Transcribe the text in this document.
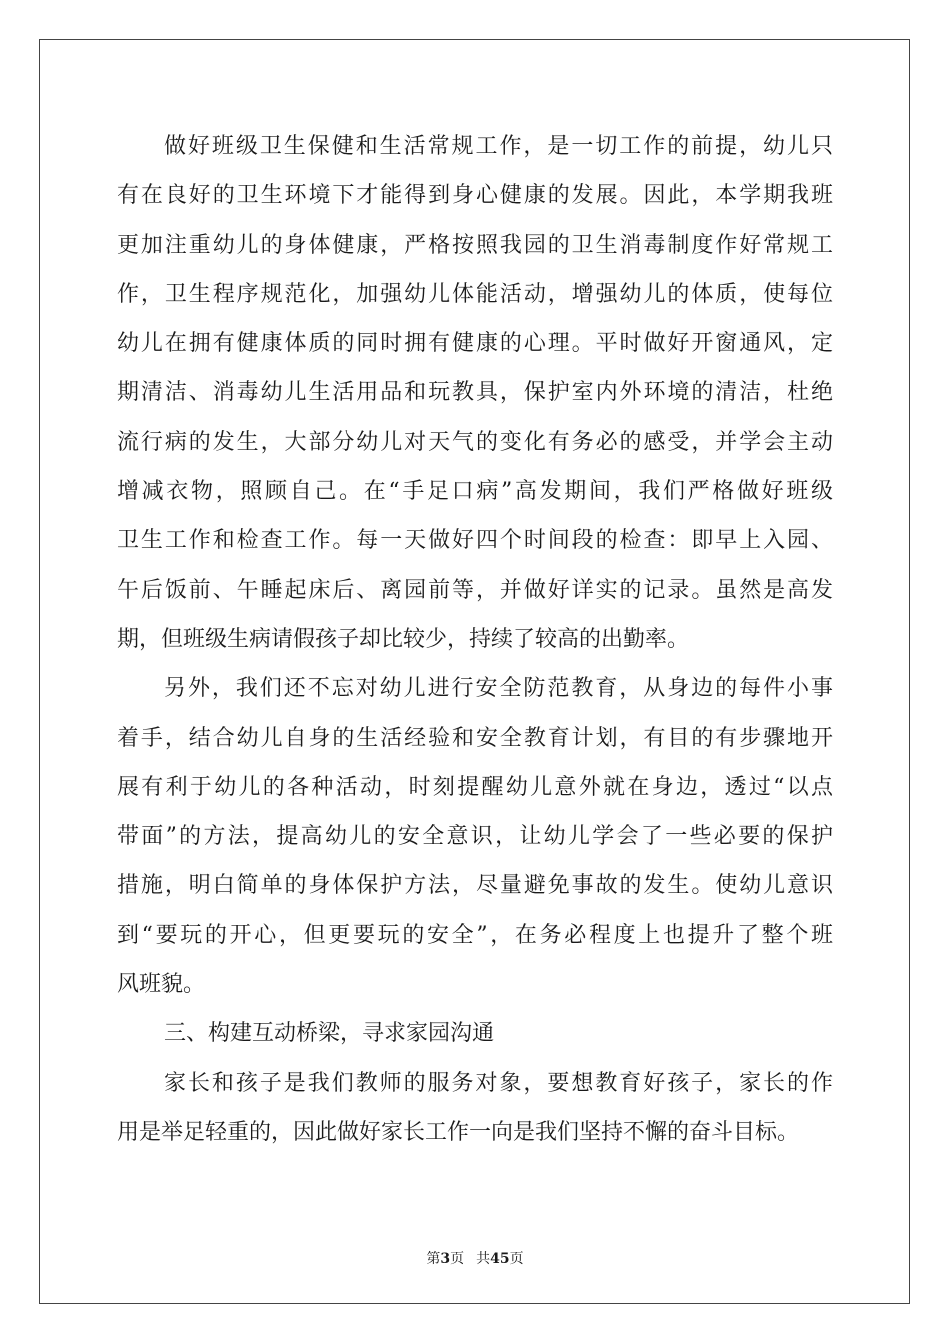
做好班级卫生保健和生活常规工作，是一切工作的前提，幼儿只
有在良好的卫生环境下才能得到身心健康的发展。因此，本学期我班
更加注重幼儿的身体健康，严格按照我园的卫生消毒制度作好常规工
作，卫生程序规范化，加强幼儿体能活动，增强幼儿的体质，使每位
幼儿在拥有健康体质的同时拥有健康的心理。平时做好开窗通风，定
期清洁、消毒幼儿生活用品和玩教具，保护室内外环境的清洁，杜绝
流行病的发生，大部分幼儿对天气的变化有务必的感受，并学会主动
增减衣物，照顾自己。在“手足口病”高发期间，我们严格做好班级
卫生工作和检查工作。每一天做好四个时间段的检查：即早上入园、
午后饭前、午睡起床后、离园前等，并做好详实的记录。虽然是高发
期，但班级生病请假孩子却比较少，持续了较高的出勤率。
另外，我们还不忘对幼儿进行安全防范教育，从身边的每件小事
着手，结合幼儿自身的生活经验和安全教育计划，有目的有步骤地开
展有利于幼儿的各种活动，时刻提醒幼儿意外就在身边，透过“以点
带面”的方法，提高幼儿的安全意识，让幼儿学会了一些必要的保护
措施，明白简单的身体保护方法，尽量避免事故的发生。使幼儿意识
到“要玩的开心，但更要玩的安全”，在务必程度上也提升了整个班
风班貌。
三、构建互动桥梁，寻求家园沟通
家长和孩子是我们教师的服务对象，要想教育好孩子，家长的作
用是举足轻重的，因此做好家长工作一向是我们坚持不懈的奋斗目标。
第3页 共45页
